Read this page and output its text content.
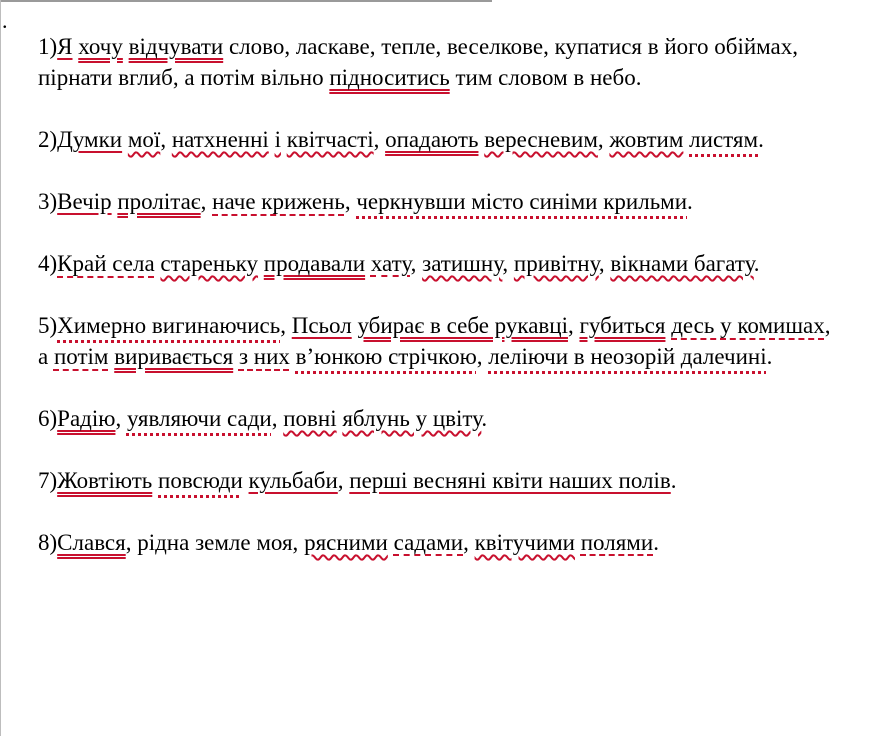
.

1)Я хочу відчувати слово, ласкаве, тепле, веселкове, купатися в його обіймах, пірнати вглиб, а потім вільно підноситись тим словом в небо.

2)Думки мої, натхненні і квітчасті, опадають вересневим, жовтим листям.

3)Вечір пролітає, наче крижень, черкнувши місто синіми крильми.

4)Край села стареньку продавали хату, затишну, привітну, вікнами багату.

5)Химерно вигинаючись, Псьол убирає в себе рукавці, губиться десь у комишах, а потім виривається з них в’юнкою стрічкою, леліючи в неозорій далечині.

6)Радію, уявляючи сади, повні яблунь у цвіту.

7)Жовтіють повсюди кульбаби, перші весняні квіти наших полів.

8)Слався, рідна земле моя, рясними садами, квітучими полями.
